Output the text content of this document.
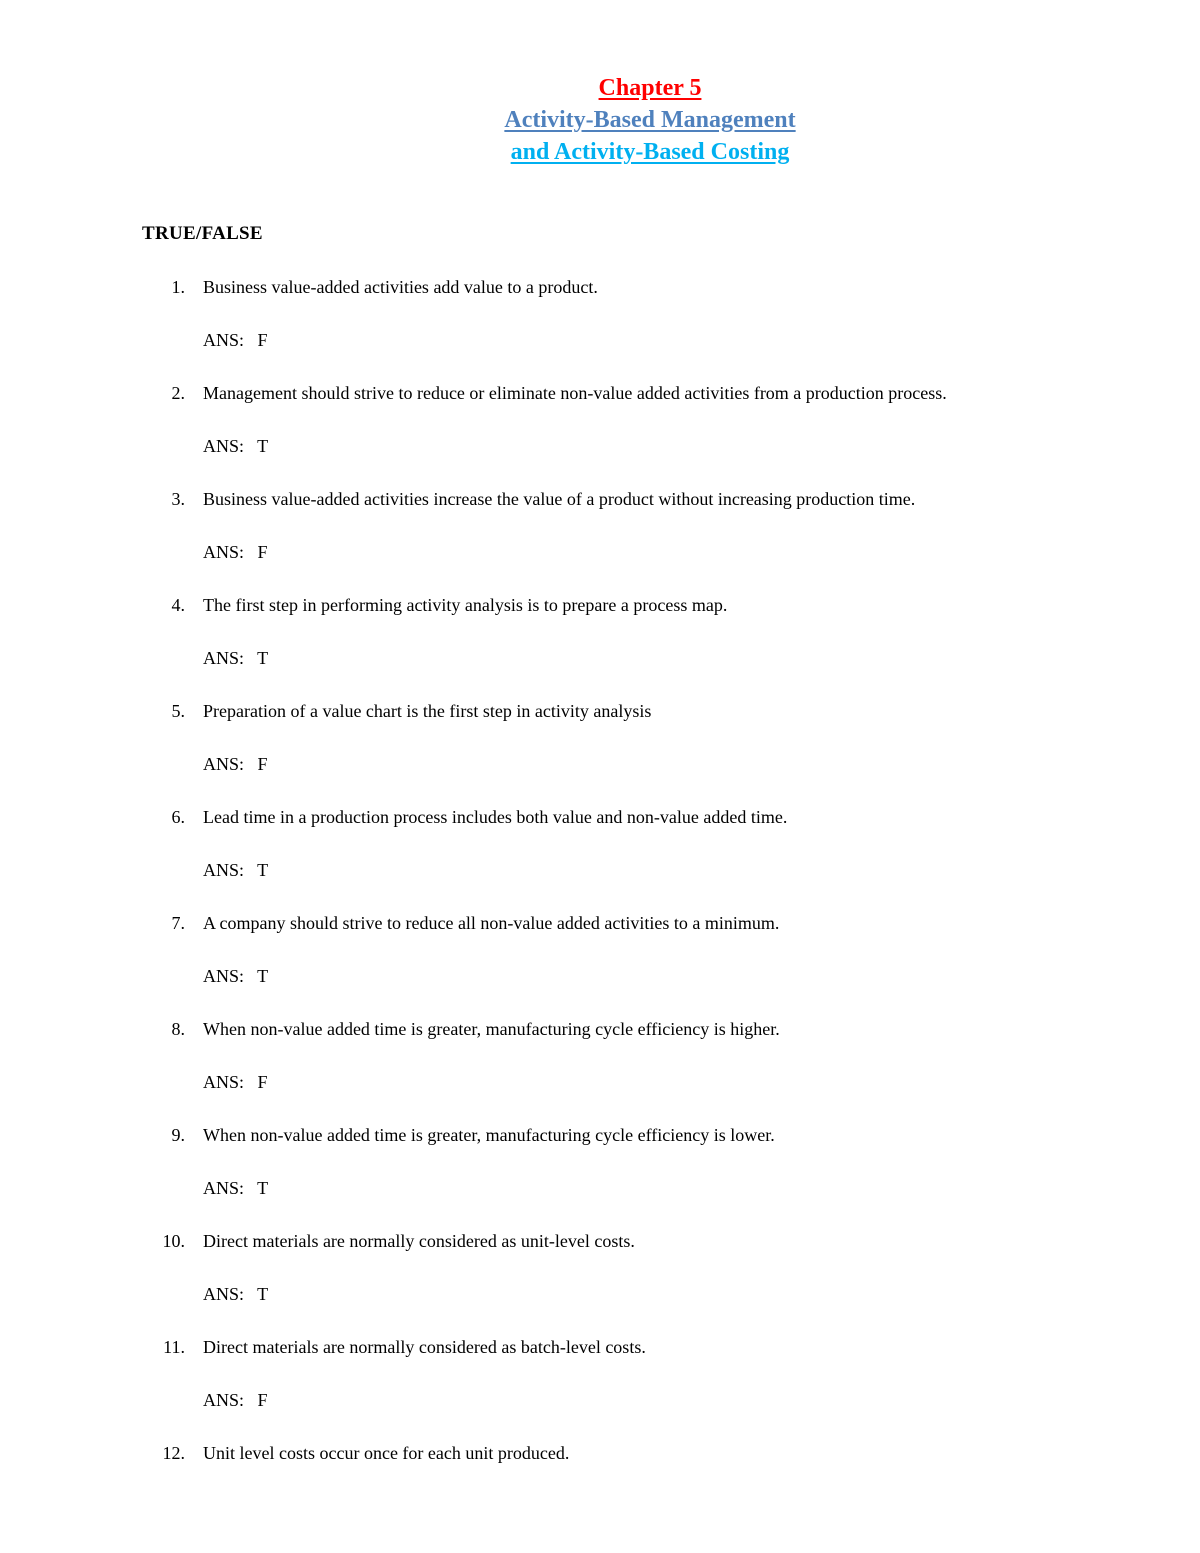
Chapter 5
Activity-Based Management
and Activity-Based Costing
TRUE/FALSE
1. Business value-added activities add value to a product.
ANS:   F
2. Management should strive to reduce or eliminate non-value added activities from a production process.
ANS:   T
3. Business value-added activities increase the value of a product without increasing production time.
ANS:   F
4. The first step in performing activity analysis is to prepare a process map.
ANS:   T
5. Preparation of a value chart is the first step in activity analysis
ANS:   F
6. Lead time in a production process includes both value and non-value added time.
ANS:   T
7. A company should strive to reduce all non-value added activities to a minimum.
ANS:   T
8. When non-value added time is greater, manufacturing cycle efficiency is higher.
ANS:   F
9. When non-value added time is greater, manufacturing cycle efficiency is lower.
ANS:   T
10. Direct materials are normally considered as unit-level costs.
ANS:   T
11. Direct materials are normally considered as batch-level costs.
ANS:   F
12. Unit level costs occur once for each unit produced.
